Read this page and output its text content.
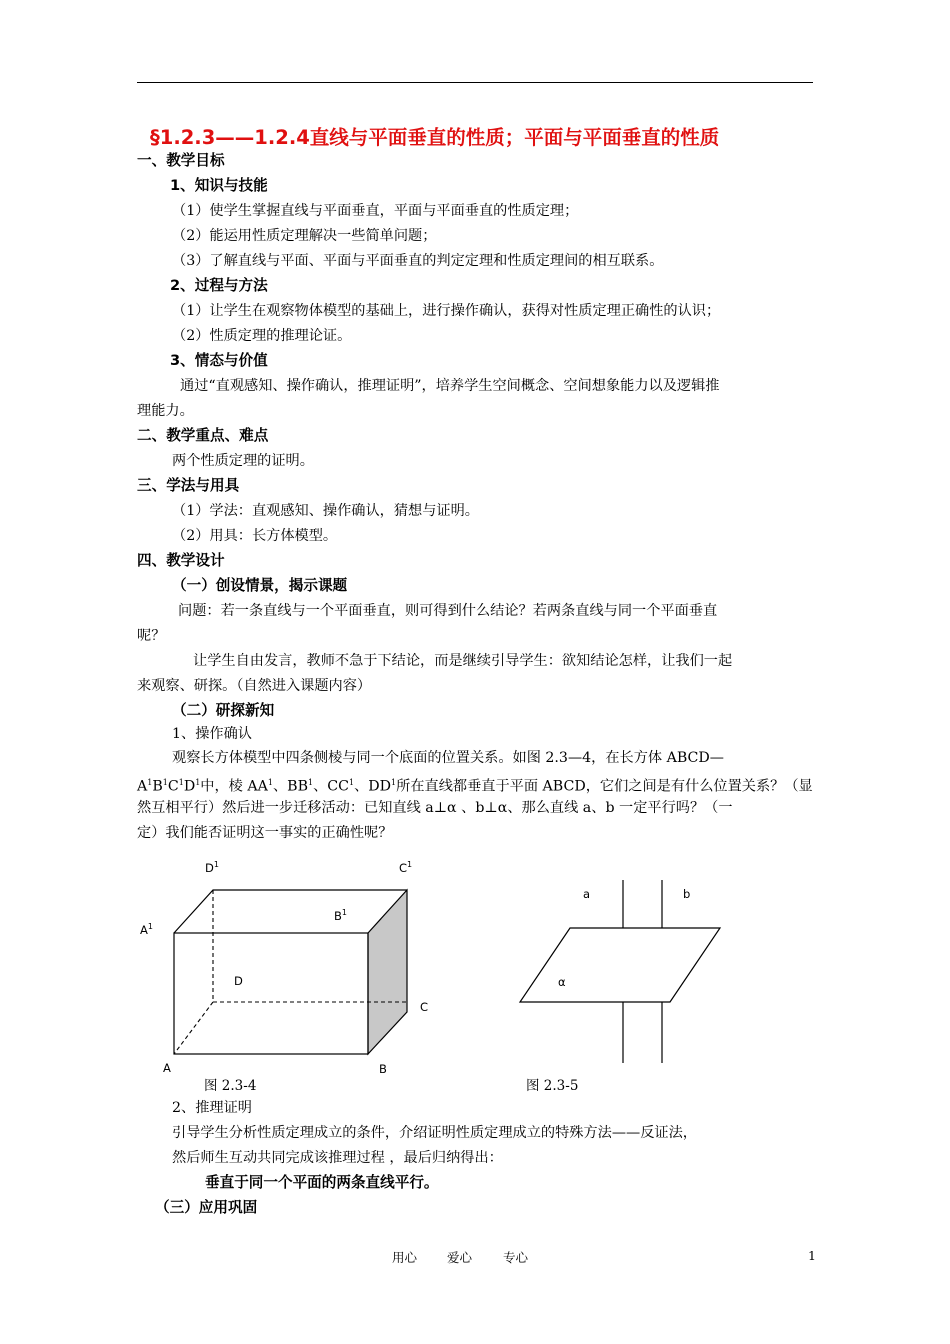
§1.2.3——1.2.4直线与平面垂直的性质；平面与平面垂直的性质
一、教学目标
1、知识与技能
（1）使学生掌握直线与平面垂直，平面与平面垂直的性质定理；
（2）能运用性质定理解决一些简单问题；
（3）了解直线与平面、平面与平面垂直的判定定理和性质定理间的相互联系。
2、过程与方法
（1）让学生在观察物体模型的基础上，进行操作确认，获得对性质定理正确性的认识；
（2）性质定理的推理论证。
3、情态与价值
通过“直观感知、操作确认，推理证明”，培养学生空间概念、空间想象能力以及逻辑推
理能力。
二、教学重点、难点
两个性质定理的证明。
三、学法与用具
（1）学法：直观感知、操作确认，猜想与证明。
（2）用具：长方体模型。
四、教学设计
（一）创设情景，揭示课题
问题：若一条直线与一个平面垂直，则可得到什么结论？若两条直线与同一个平面垂直
呢？
让学生自由发言，教师不急于下结论，而是继续引导学生：欲知结论怎样，让我们一起
来观察、研探。（自然进入课题内容）
（二）研探新知
1、操作确认
观察长方体模型中四条侧棱与同一个底面的位置关系。如图 2.3—4，在长方体 ABCD—
$A^1B^1C^1D^1$中，棱 $AA^1$、$BB^1$、$CC^1$、$DD^1$所在直线都垂直于平面 ABCD，它们之间是有什么位置关系？（显
然互相平行）然后进一步迁移活动：已知直线 a⊥α 、b⊥α、那么直线 a、b 一定平行吗？（一
定）我们能否证明这一事实的正确性呢？
$D^1$	$C^1$
$A^1$
$B^1$
D
C
A	B
图 2.3-4
a	b
α
图 2.3-5
2、推理证明
引导学生分析性质定理成立的条件，介绍证明性质定理成立的特殊方法——反证法，
然后师生互动共同完成该推理过程 ，最后归纳得出：
垂直于同一个平面的两条直线平行。
（三）应用巩固
用心 爱心 专心	1
